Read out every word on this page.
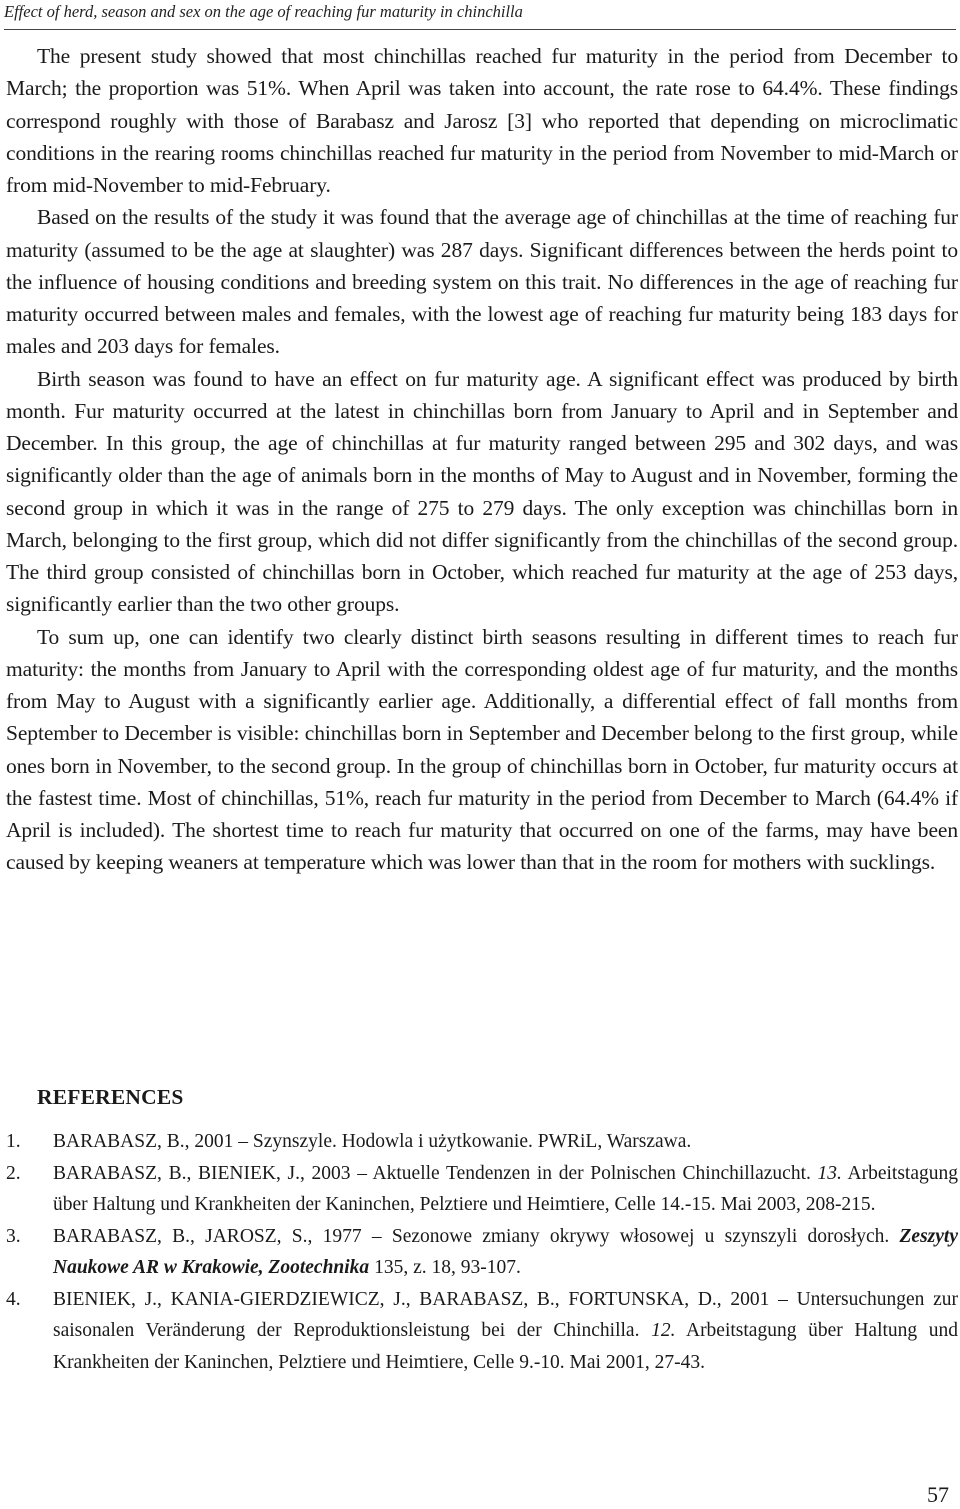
Effect of herd, season and sex on the age of reaching fur maturity in chinchilla

The present study showed that most chinchillas reached fur maturity in the period from December to March; the proportion was 51%. When April was taken into account, the rate rose to 64.4%. These findings correspond roughly with those of Barabasz and Jarosz [3] who reported that depending on microclimatic conditions in the rearing rooms chinchillas reached fur maturity in the period from November to mid-March or from mid-November to mid-February.

Based on the results of the study it was found that the average age of chinchillas at the time of reaching fur maturity (assumed to be the age at slaughter) was 287 days. Significant differences between the herds point to the influence of housing conditions and breeding system on this trait. No differences in the age of reaching fur maturity occurred between males and females, with the lowest age of reaching fur maturity being 183 days for males and 203 days for females.

Birth season was found to have an effect on fur maturity age. A significant effect was produced by birth month. Fur maturity occurred at the latest in chinchillas born from January to April and in September and December. In this group, the age of chinchillas at fur maturity ranged between 295 and 302 days, and was significantly older than the age of animals born in the months of May to August and in November, forming the second group in which it was in the range of 275 to 279 days. The only exception was chinchillas born in March, belonging to the first group, which did not differ significantly from the chinchillas of the second group. The third group consisted of chinchillas born in October, which reached fur maturity at the age of 253 days, significantly earlier than the two other groups.

To sum up, one can identify two clearly distinct birth seasons resulting in different times to reach fur maturity: the months from January to April with the corresponding oldest age of fur maturity, and the months from May to August with a significantly earlier age. Additionally, a differential effect of fall months from September to December is visible: chinchillas born in September and December belong to the first group, while ones born in November, to the second group. In the group of chinchillas born in October, fur maturity occurs at the fastest time. Most of chinchillas, 51%, reach fur maturity in the period from December to March (64.4% if April is included). The shortest time to reach fur maturity that occurred on one of the farms, may have been caused by keeping weaners at temperature which was lower than that in the room for mothers with sucklings.

REFERENCES
1. BARABASZ, B., 2001 – Szynszyle. Hodowla i użytkowanie. PWRiL, Warszawa.
2. BARABASZ, B., BIENIEK, J., 2003 – Aktuelle Tendenzen in der Polnischen Chinchillazucht. 13. Arbeitstagung über Haltung und Krankheiten der Kaninchen, Pelztiere und Heimtiere, Celle 14.-15. Mai 2003, 208-215.
3. BARABASZ, B., JAROSZ, S., 1977 – Sezonowe zmiany okrywy włosowej u szynszyli dorosłych. Zeszyty Naukowe AR w Krakowie, Zootechnika 135, z. 18, 93-107.
4. BIENIEK, J., KANIA-GIERDZIEWICZ, J., BARABASZ, B., FORTUNSKA, D., 2001 – Untersuchungen zur saisonalen Veränderung der Reproduktionsleistung bei der Chinchilla. 12. Arbeitstagung über Haltung und Krankheiten der Kaninchen, Pelztiere und Heimtiere, Celle 9.-10. Mai 2001, 27-43.
57
